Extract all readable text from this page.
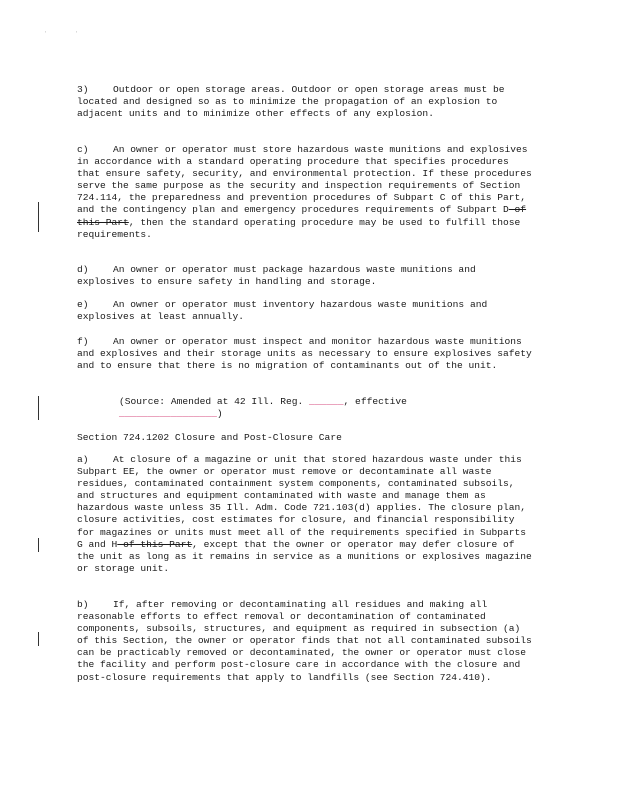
'	'
3)	Outdoor or open storage areas. Outdoor or open storage areas must be located and designed so as to minimize the propagation of an explosion to adjacent units and to minimize other effects of any explosion.
c)	An owner or operator must store hazardous waste munitions and explosives in accordance with a standard operating procedure that specifies procedures that ensure safety, security, and environmental protection. If these procedures serve the same purpose as the security and inspection requirements of Section 724.114, the preparedness and prevention procedures of Subpart C of this Part, and the contingency plan and emergency procedures requirements of Subpart D of this Part, then the standard operating procedure may be used to fulfill those requirements.
d)	An owner or operator must package hazardous waste munitions and explosives to ensure safety in handling and storage.
e)	An owner or operator must inventory hazardous waste munitions and explosives at least annually.
f)	An owner or operator must inspect and monitor hazardous waste munitions and explosives and their storage units as necessary to ensure explosives safety and to ensure that there is no migration of contaminants out of the unit.
(Source: Amended at 42 Ill. Reg. ______, effective
_________________)
Section 724.1202 Closure and Post-Closure Care
a)	At closure of a magazine or unit that stored hazardous waste under this Subpart EE, the owner or operator must remove or decontaminate all waste residues, contaminated containment system components, contaminated subsoils, and structures and equipment contaminated with waste and manage them as hazardous waste unless 35 Ill. Adm. Code 721.103(d) applies. The closure plan, closure activities, cost estimates for closure, and financial responsibility for magazines or units must meet all of the requirements specified in Subparts G and H of this Part, except that the owner or operator may defer closure of the unit as long as it remains in service as a munitions or explosives magazine or storage unit.
b)	If, after removing or decontaminating all residues and making all reasonable efforts to effect removal or decontamination of contaminated components, subsoils, structures, and equipment as required in subsection (a) of this Section, the owner or operator finds that not all contaminated subsoils can be practicably removed or decontaminated, the owner or operator must close the facility and perform post-closure care in accordance with the closure and post-closure requirements that apply to landfills (see Section 724.410).
